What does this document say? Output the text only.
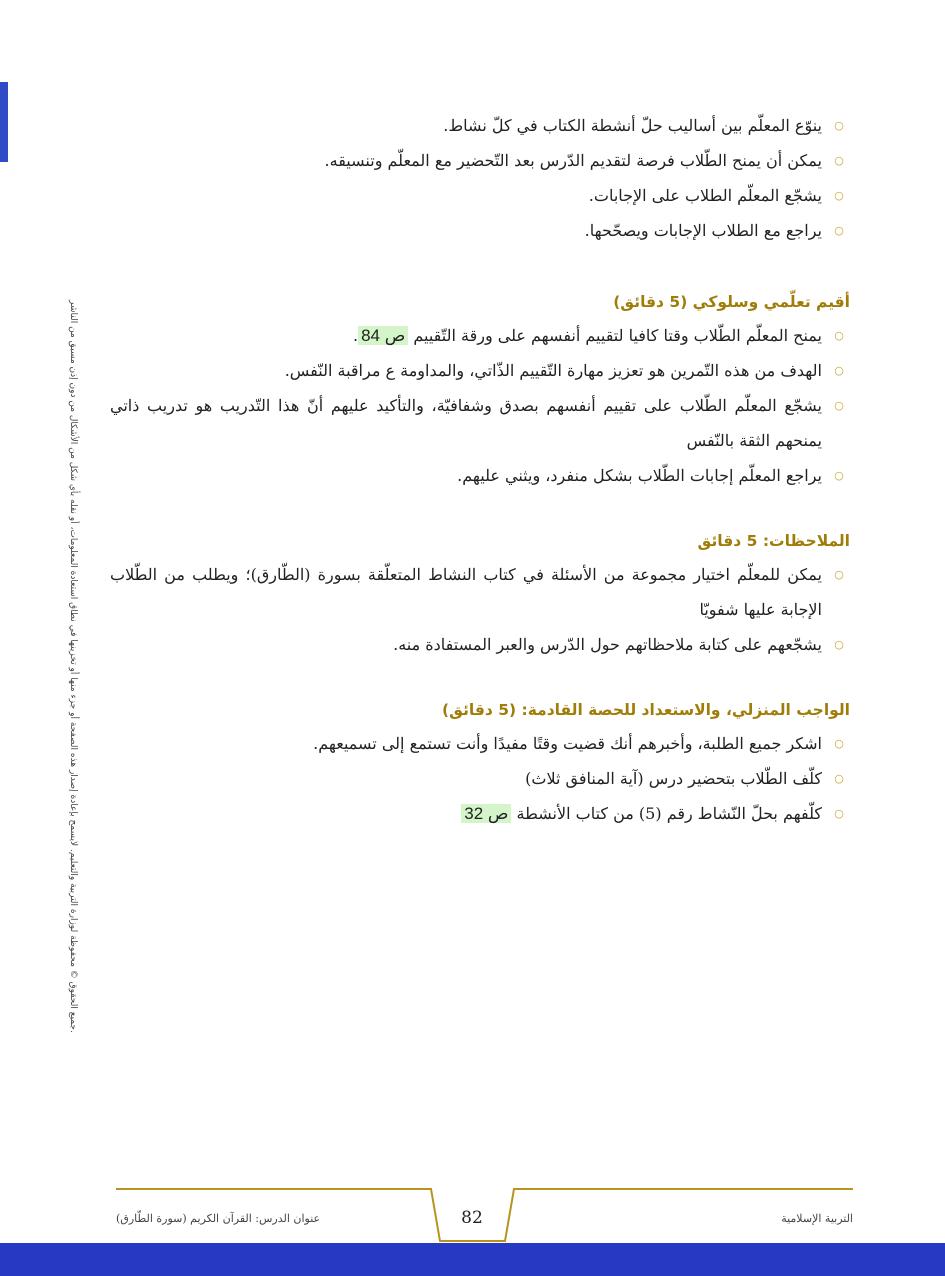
جميع الحقوق © محفوظة لوزارة التربية والتعليم. لايسمح بإعادة إصدار هذه الصفحة أو جزء منها أو تخزينها في نطاق استعادة المعلومات، أو نقله بأي شكل من الأشكال من دون إذن مسبق من الناشر.
○
ينوّع المعلّم بين أساليب حلّ أنشطة الكتاب في كلّ نشاط.
○
يمكن أن يمنح الطّلاب فرصة لتقديم الدّرس بعد التّحضير مع المعلّم وتنسيقه.
○
يشجّع المعلّم الطلاب على الإجابات.
○
يراجع مع الطلاب الإجابات ويصحّحها.
أقيم تعلّمي وسلوكي (5 دقائق)
○
يمنح المعلّم الطّلاب وقتا كافيا لتقييم أنفسهم على ورقة التّقييم ص 84.
○
الهدف من هذه التّمرين هو تعزيز مهارة التّقييم الذّاتي، والمداومة ع مراقبة النّفس.
○
يشجّع المعلّم الطّلاب على تقييم أنفسهم بصدق وشفافيّة، والتأكيد عليهم أنّ هذا التّدريب هو تدريب ذاتي يمنحهم الثقة بالنّفس
○
يراجع المعلّم إجابات الطّلاب بشكل منفرد، ويثني عليهم.
الملاحظات: 5 دقائق
○
يمكن للمعلّم اختيار مجموعة من الأسئلة في كتاب النشاط المتعلّقة بسورة (الطّارق)؛ ويطلب من الطّلاب الإجابة عليها شفويّا
○
يشجّعهم على كتابة ملاحظاتهم حول الدّرس والعبر المستفادة منه.
الواجب المنزلي، والاستعداد للحصة القادمة: (5 دقائق)
○
اشكر جميع الطلبة، وأخبرهم أنك قضيت وقتًا مفيدًا وأنت تستمع إلى تسميعهم.
○
كلّف الطّلاب بتحضير درس (آية المنافق ثلاث)
○
كلّفهم بحلّ النّشاط رقم (5) من كتاب الأنشطة ص 32
82
عنوان الدرس: القرآن الكريم (سورة الطّارق)	التربية الإسلامية
